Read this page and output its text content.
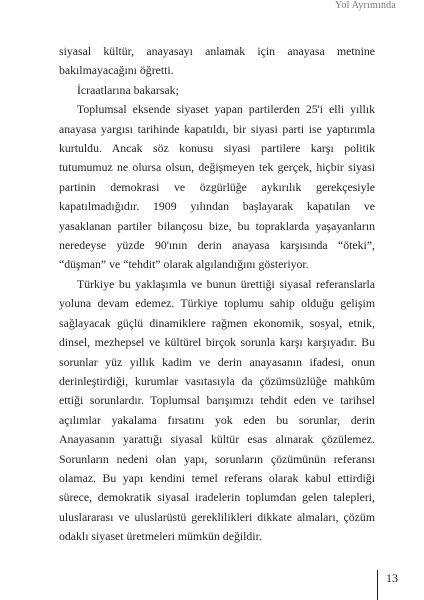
Yol Ayrımında

siyasal kültür, anayasayı anlamak için anayasa metnine bakılmayacağını öğretti.

İcraatlarına bakarsak;

Toplumsal eksende siyaset yapan partilerden 25'i elli yıllık anayasa yargısı tarihinde kapatıldı, bir siyasi parti ise yaptırımla kurtuldu. Ancak söz konusu siyasi partilere karşı politik tutumumuz ne olursa olsun, değişmeyen tek gerçek, hiçbir siyasi partinin demokrasi ve özgürlüğe aykırılık gerekçesiyle kapatılmadığıdır. 1909 yılından başlayarak kapatılan ve yasaklanan partiler bilançosu bize, bu topraklarda yaşayanların neredeyse yüzde 90'ının derin anayasa karşısında “öteki”, “düşman” ve “tehdit” olarak algılandığını gösteriyor.

Türkiye bu yaklaşımla ve bunun ürettiği siyasal referanslarla yoluna devam edemez. Türkiye toplumu sahip olduğu gelişim sağlayacak güçlü dinamiklere rağmen ekonomik, sosyal, etnik, dinsel, mezhepsel ve kültürel birçok sorunla karşı karşıyadır. Bu sorunlar yüz yıllık kadim ve derin anayasanın ifadesi, onun derinleştirdiği, kurumlar vasıtasıyla da çözümsüzlüğe mahkûm ettiği sorunlardır. Toplumsal barışımızı tehdit eden ve tarihsel açılımlar yakalama fırsatını yok eden bu sorunlar, derin Anayasanın yarattığı siyasal kültür esas alınarak çözülemez. Sorunların nedeni olan yapı, sorunların çözümünün referansı olamaz. Bu yapı kendini temel referans olarak kabul ettirdiği sürece, demokratik siyasal iradelerin toplumdan gelen talepleri, uluslararası ve uluslarüstü gereklilikleri dikkate almaları, çözüm odaklı siyaset üretmeleri mümkün değildir.

13
